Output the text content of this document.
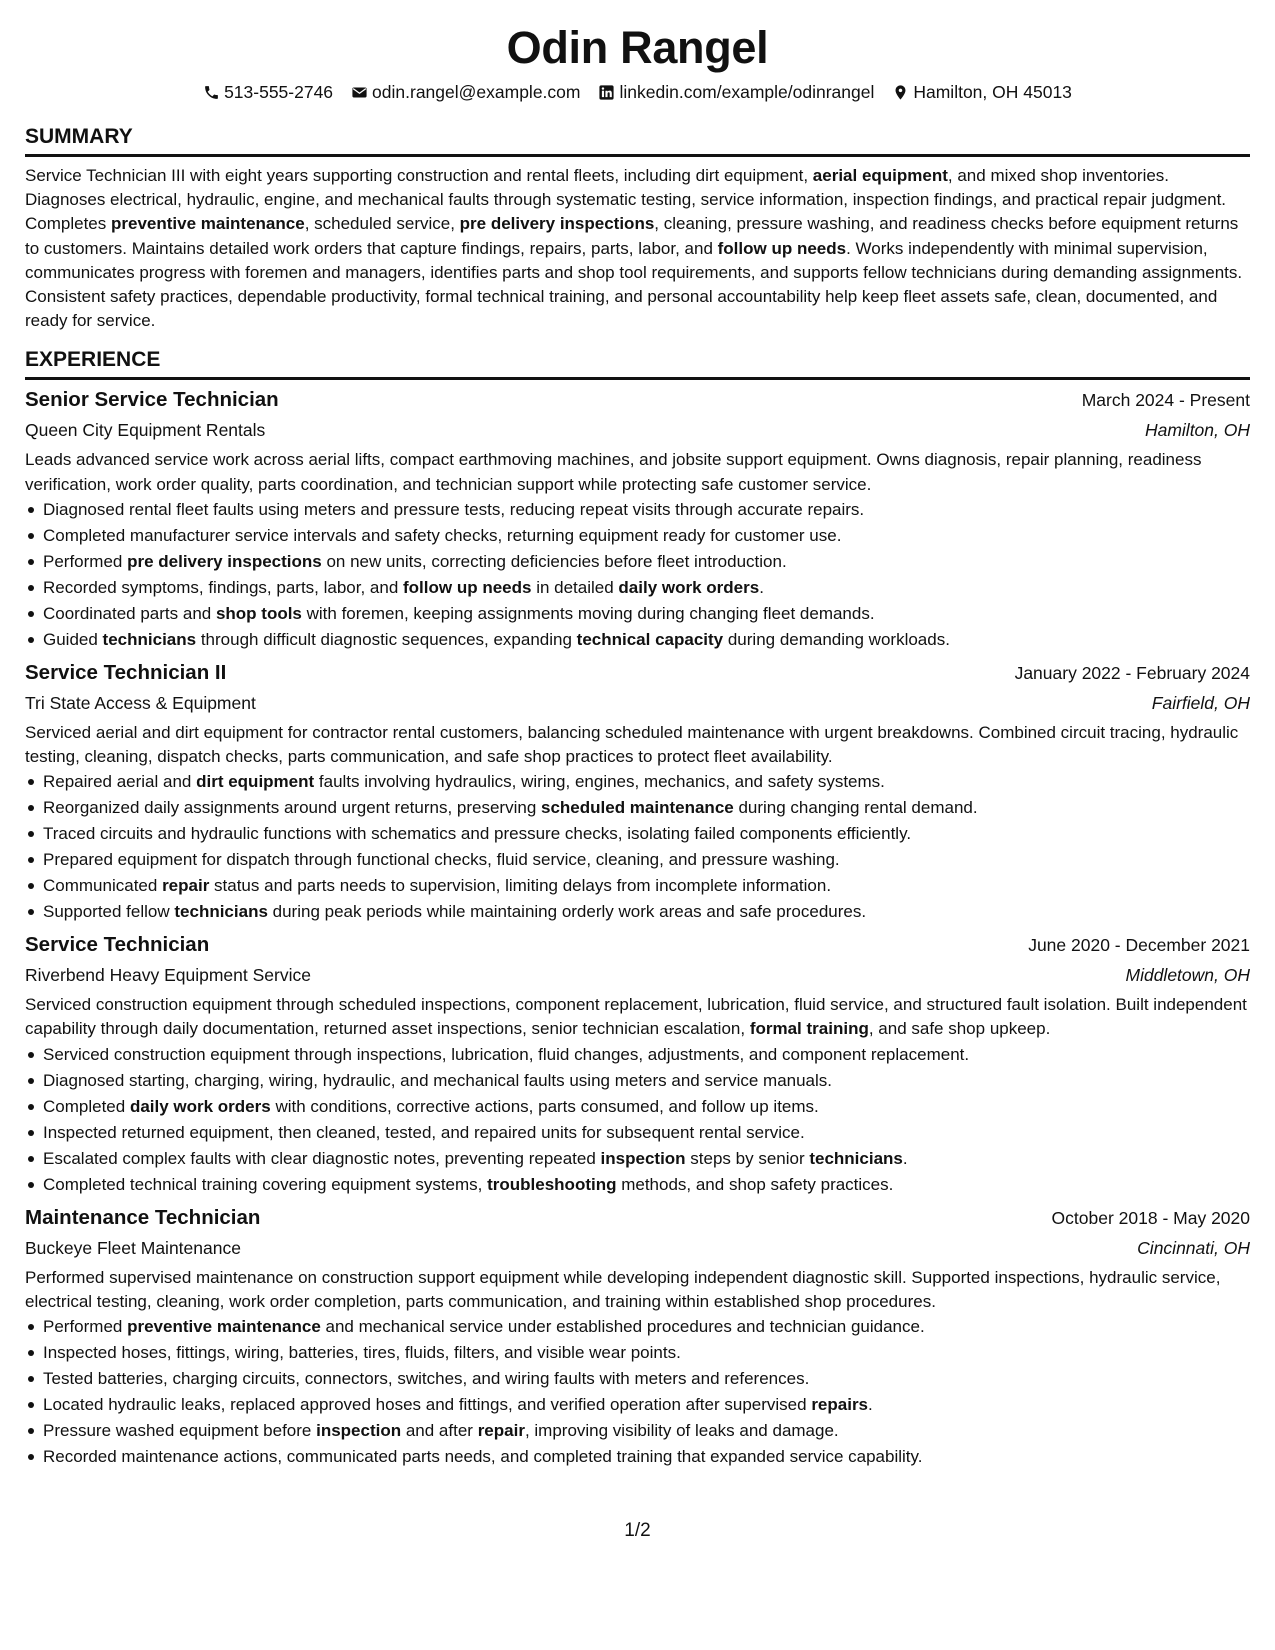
Odin Rangel
513-555-2746 odin.rangel@example.com linkedin.com/example/odinrangel Hamilton, OH 45013
SUMMARY

Service Technician III with eight years supporting construction and rental fleets, including dirt equipment, aerial equipment, and mixed shop inventories. Diagnoses electrical, hydraulic, engine, and mechanical faults through systematic testing, service information, inspection findings, and practical repair judgment. Completes preventive maintenance, scheduled service, pre delivery inspections, cleaning, pressure washing, and readiness checks before equipment returns to customers. Maintains detailed work orders that capture findings, repairs, parts, labor, and follow up needs. Works independently with minimal supervision, communicates progress with foremen and managers, identifies parts and shop tool requirements, and supports fellow technicians during demanding assignments. Consistent safety practices, dependable productivity, formal technical training, and personal accountability help keep fleet assets safe, clean, documented, and ready for service.

EXPERIENCE
Senior Service Technician	March 2024 - Present
Queen City Equipment Rentals	Hamilton, OH

Leads advanced service work across aerial lifts, compact earthmoving machines, and jobsite support equipment. Owns diagnosis, repair planning, readiness verification, work order quality, parts coordination, and technician support while protecting safe customer service.

Diagnosed rental fleet faults using meters and pressure tests, reducing repeat visits through accurate repairs.
Completed manufacturer service intervals and safety checks, returning equipment ready for customer use.
Performed pre delivery inspections on new units, correcting deficiencies before fleet introduction.
Recorded symptoms, findings, parts, labor, and follow up needs in detailed daily work orders.
Coordinated parts and shop tools with foremen, keeping assignments moving during changing fleet demands.
Guided technicians through difficult diagnostic sequences, expanding technical capacity during demanding workloads.
Service Technician II	January 2022 - February 2024
Tri State Access & Equipment	Fairfield, OH

Serviced aerial and dirt equipment for contractor rental customers, balancing scheduled maintenance with urgent breakdowns. Combined circuit tracing, hydraulic testing, cleaning, dispatch checks, parts communication, and safe shop practices to protect fleet availability.

Repaired aerial and dirt equipment faults involving hydraulics, wiring, engines, mechanics, and safety systems.
Reorganized daily assignments around urgent returns, preserving scheduled maintenance during changing rental demand.
Traced circuits and hydraulic functions with schematics and pressure checks, isolating failed components efficiently.
Prepared equipment for dispatch through functional checks, fluid service, cleaning, and pressure washing.
Communicated repair status and parts needs to supervision, limiting delays from incomplete information.
Supported fellow technicians during peak periods while maintaining orderly work areas and safe procedures.
Service Technician	June 2020 - December 2021
Riverbend Heavy Equipment Service	Middletown, OH

Serviced construction equipment through scheduled inspections, component replacement, lubrication, fluid service, and structured fault isolation. Built independent capability through daily documentation, returned asset inspections, senior technician escalation, formal training, and safe shop upkeep.

Serviced construction equipment through inspections, lubrication, fluid changes, adjustments, and component replacement.
Diagnosed starting, charging, wiring, hydraulic, and mechanical faults using meters and service manuals.
Completed daily work orders with conditions, corrective actions, parts consumed, and follow up items.
Inspected returned equipment, then cleaned, tested, and repaired units for subsequent rental service.
Escalated complex faults with clear diagnostic notes, preventing repeated inspection steps by senior technicians.
Completed technical training covering equipment systems, troubleshooting methods, and shop safety practices.
Maintenance Technician	October 2018 - May 2020
Buckeye Fleet Maintenance	Cincinnati, OH

Performed supervised maintenance on construction support equipment while developing independent diagnostic skill. Supported inspections, hydraulic service, electrical testing, cleaning, work order completion, parts communication, and training within established shop procedures.

Performed preventive maintenance and mechanical service under established procedures and technician guidance.
Inspected hoses, fittings, wiring, batteries, tires, fluids, filters, and visible wear points.
Tested batteries, charging circuits, connectors, switches, and wiring faults with meters and references.
Located hydraulic leaks, replaced approved hoses and fittings, and verified operation after supervised repairs.
Pressure washed equipment before inspection and after repair, improving visibility of leaks and damage.
Recorded maintenance actions, communicated parts needs, and completed training that expanded service capability.
1/2
